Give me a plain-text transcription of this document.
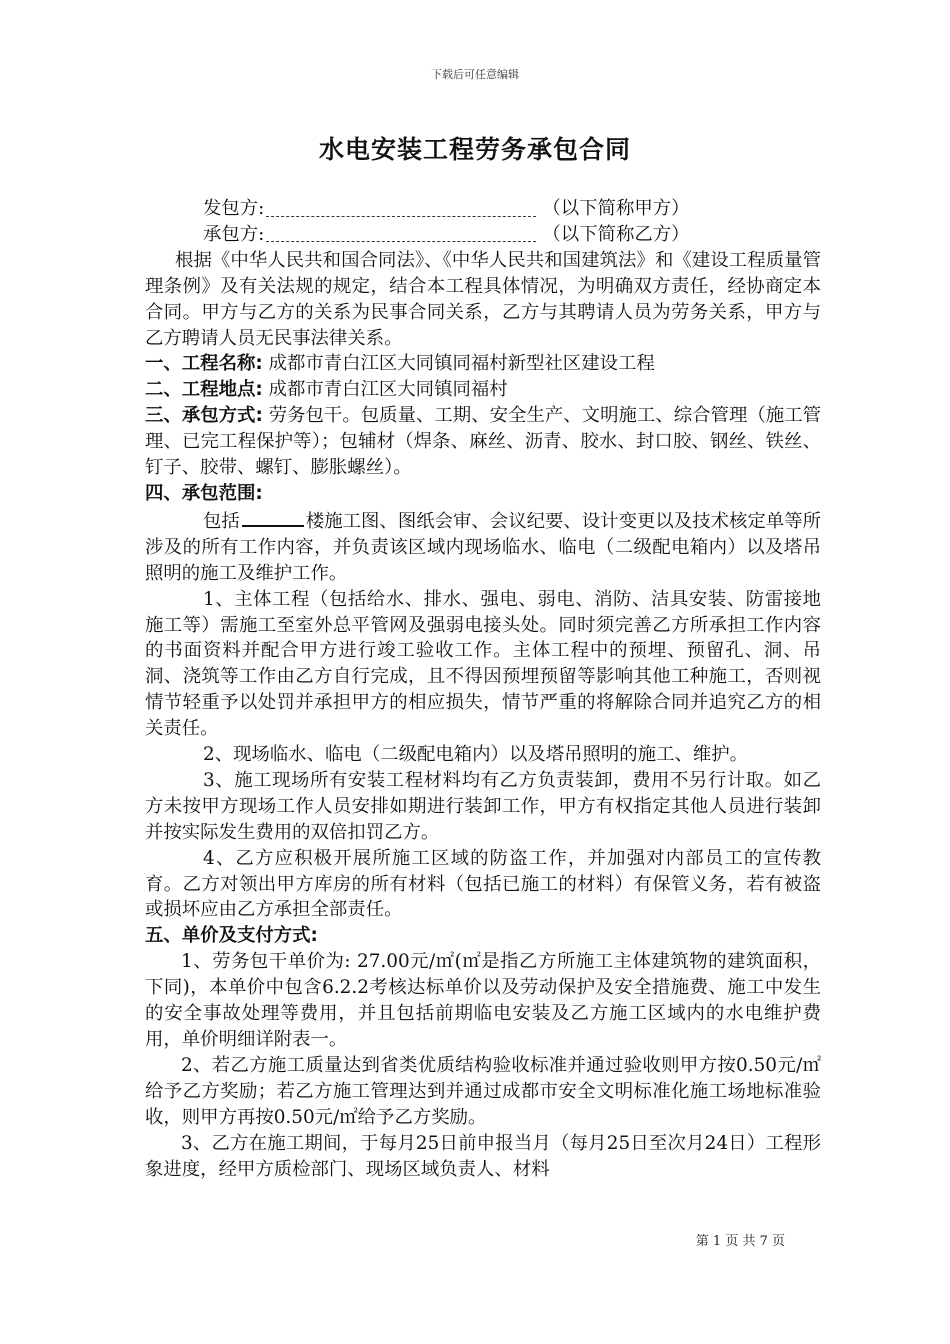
下载后可任意编辑
水电安装工程劳务承包合同

发包方:	（以下简称甲方）

承包方:	（以下简称乙方）

根据《中华人民共和国合同法》、《中华人民共和国建筑法》和《建设工程质量管理条例》及有关法规的规定，结合本工程具体情况，为明确双方责任，经协商定本合同。甲方与乙方的关系为民事合同关系，乙方与其聘请人员为劳务关系，甲方与乙方聘请人员无民事法律关系。

一、工程名称: 成都市青白江区大同镇同福村新型社区建设工程

二、工程地点: 成都市青白江区大同镇同福村

三、承包方式: 劳务包干。包质量、工期、安全生产、文明施工、综合管理（施工管理、已完工程保护等）；包辅材（焊条、麻丝、沥青、胶水、封口胶、钢丝、铁丝、钉子、胶带、螺钉、膨胀螺丝）。

四、承包范围:

包括	楼施工图、图纸会审、会议纪要、设计变更以及技术核定单等所涉及的所有工作内容，并负责该区域内现场临水、临电（二级配电箱内）以及塔吊照明的施工及维护工作。

1、主体工程（包括给水、排水、强电、弱电、消防、洁具安装、防雷接地施工等）需施工至室外总平管网及强弱电接头处。同时须完善乙方所承担工作内容的书面资料并配合甲方进行竣工验收工作。主体工程中的预埋、预留孔、洞、吊洞、浇筑等工作由乙方自行完成，且不得因预埋预留等影响其他工种施工，否则视情节轻重予以处罚并承担甲方的相应损失，情节严重的将解除合同并追究乙方的相关责任。

2、现场临水、临电（二级配电箱内）以及塔吊照明的施工、维护。

3、施工现场所有安装工程材料均有乙方负责装卸，费用不另行计取。如乙方未按甲方现场工作人员安排如期进行装卸工作，甲方有权指定其他人员进行装卸并按实际发生费用的双倍扣罚乙方。

4、乙方应积极开展所施工区域的防盗工作，并加强对内部员工的宣传教育。乙方对领出甲方库房的所有材料（包括已施工的材料）有保管义务，若有被盗或损坏应由乙方承担全部责任。

五、单价及支付方式:

1、劳务包干单价为: 27.00元/㎡(㎡是指乙方所施工主体建筑物的建筑面积，下同)，本单价中包含6.2.2考核达标单价以及劳动保护及安全措施费、施工中发生的安全事故处理等费用，并且包括前期临电安装及乙方施工区域内的水电维护费用，单价明细详附表一。

2、若乙方施工质量达到省类优质结构验收标准并通过验收则甲方按0.50元/㎡给予乙方奖励；若乙方施工管理达到并通过成都市安全文明标准化施工场地标准验收，则甲方再按0.50元/㎡给予乙方奖励。

3、乙方在施工期间，于每月25日前申报当月（每月25日至次月24日）工程形象进度，经甲方质检部门、现场区域负责人、材料

第 1 页 共 7 页
